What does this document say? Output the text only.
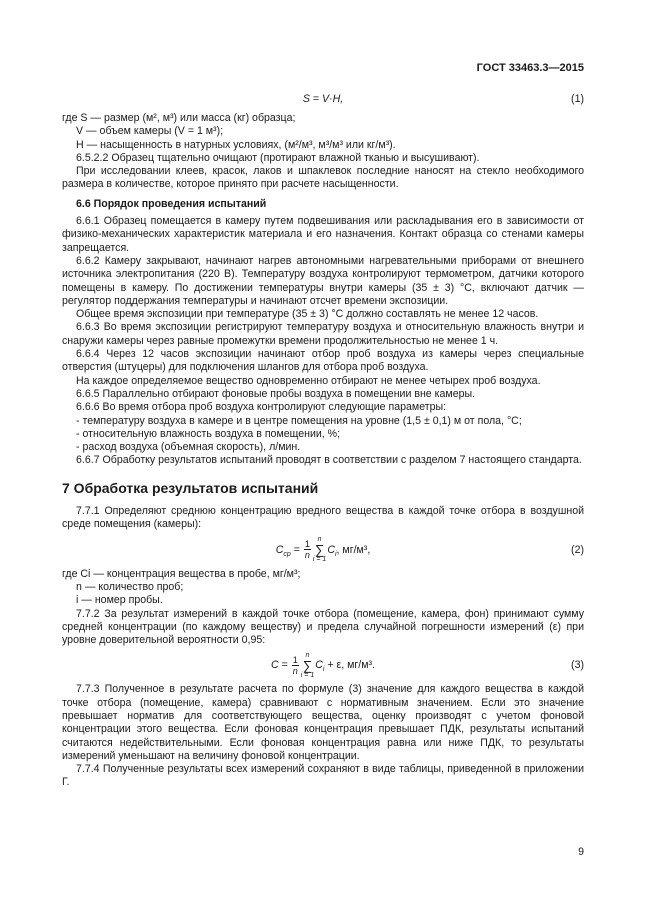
ГОСТ 33463.3—2015
S = V·H,	(1)

где S — размер (м², м³) или масса (кг) образца;

V — объем камеры (V = 1 м³);

H — насыщенность в натурных условиях, (м²/м³, м³/м³ или кг/м³).

6.5.2.2 Образец тщательно очищают (протирают влажной тканью и высушивают).

При исследовании клеев, красок, лаков и шпаклевок последние наносят на стекло необходимого размера в количестве, которое принято при расчете насыщенности.

6.6 Порядок проведения испытаний

6.6.1 Образец помещается в камеру путем подвешивания или раскладывания его в зависимости от физико-механических характеристик материала и его назначения. Контакт образца со стенами камеры запрещается.

6.6.2 Камеру закрывают, начинают нагрев автономными нагревательными приборами от внешнего источника электропитания (220 В). Температуру воздуха контролируют термометром, датчики которого помещены в камеру. По достижении температуры внутри камеры (35 ± 3) °С, включают датчик — регулятор поддержания температуры и начинают отсчет времени экспозиции.

Общее время экспозиции при температуре (35 ± 3) °С должно составлять не менее 12 часов.

6.6.3 Во время экспозиции регистрируют температуру воздуха и относительную влажность внутри и снаружи камеры через равные промежутки времени продолжительностью не менее 1 ч.

6.6.4 Через 12 часов экспозиции начинают отбор проб воздуха из камеры через специальные отверстия (штуцеры) для подключения шлангов для отбора проб воздуха.

На каждое определяемое вещество одновременно отбирают не менее четырех проб воздуха.

6.6.5 Параллельно отбирают фоновые пробы воздуха в помещении вне камеры.

6.6.6 Во время отбора проб воздуха контролируют следующие параметры:

- температуру воздуха в камере и в центре помещения на уровне (1,5 ± 0,1) м от пола, °С;

- относительную влажность воздуха в помещении, %;

- расход воздуха (объемная скорость), л/мин.

6.6.7 Обработку результатов испытаний проводят в соответствии с разделом 7 настоящего стандарта.

7 Обработка результатов испытаний

7.7.1 Определяют среднюю концентрацию вредного вещества в каждой точке отбора в воздушной среде помещения (камеры):

$C_{cp} = \frac{1}{n}$ n
∑
i = 1
$C_i$, мг/м³,	(2)

где Ci — концентрация вещества в пробе, мг/м³;

n — количество проб;

i — номер пробы.

7.7.2 За результат измерений в каждой точке отбора (помещение, камера, фон) принимают сумму средней концентрации (по каждому веществу) и предела случайной погрешности измерений (ε) при уровне доверительной вероятности 0,95:

$C = \frac{1}{n}$ n
∑
i = 1
$C_i + \varepsilon$, мг/м³.	(3)

7.7.3 Полученное в результате расчета по формуле (3) значение для каждого вещества в каждой точке отбора (помещение, камера) сравнивают с нормативным значением. Если это значение превышает норматив для соответствующего вещества, оценку производят с учетом фоновой концентрации этого вещества. Если фоновая концентрация превышает ПДК, результаты испытаний считаются недействительными. Если фоновая концентрация равна или ниже ПДК, то результаты измерений уменьшают на величину фоновой концентрации.

7.7.4 Полученные результаты всех измерений сохраняют в виде таблицы, приведенной в приложении Г.

9
